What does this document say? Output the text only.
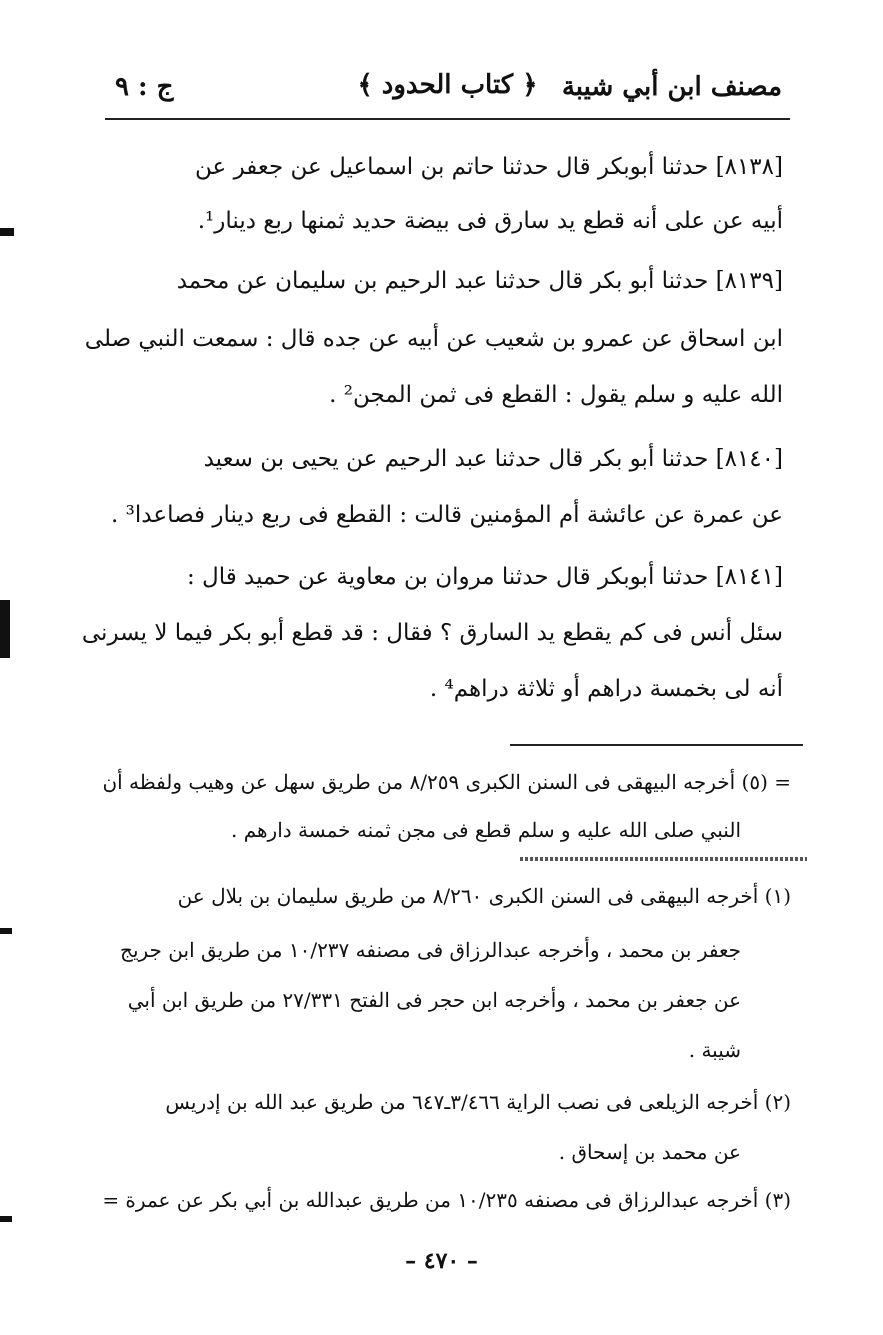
مصنف ابن أبي شيبة
﴿ كتاب الحدود ﴾
ج : ٩
[٨١٣٨] حدثنا أبوبكر قال حدثنا حاتم بن اسماعيل عن جعفر عن
أبيه عن على أنه قطع يد سارق فى بيضة حديد ثمنها ربع دينار¹.
[٨١٣٩] حدثنا أبو بكر قال حدثنا عبد الرحيم بن سليمان عن محمد
ابن اسحاق عن عمرو بن شعيب عن أبيه عن جده قال : سمعت النبي صلى
الله عليه و سلم يقول : القطع فى ثمن المجن² .
[٨١٤٠] حدثنا أبو بكر قال حدثنا عبد الرحيم عن يحيى بن سعيد
عن عمرة عن عائشة أم المؤمنين قالت : القطع فى ربع دينار فصاعدا³ .
[٨١٤١] حدثنا أبوبكر قال حدثنا مروان بن معاوية عن حميد قال :
سئل أنس فى كم يقطع يد السارق ؟ فقال : قد قطع أبو بكر فيما لا يسرنى
أنه لى بخمسة دراهم أو ثلاثة دراهم⁴ .
= (٥) أخرجه البيهقى فى السنن الكبرى ٨/٢٥٩ من طريق سهل عن وهيب ولفظه أن
النبي صلى الله عليه و سلم قطع فى مجن ثمنه خمسة دارهم .
(١) أخرجه البيهقى فى السنن الكبرى ٨/٢٦٠ من طريق سليمان بن بلال عن
جعفر بن محمد ، وأخرجه عبدالرزاق فى مصنفه ١٠/٢٣٧ من طريق ابن جريج
عن جعفر بن محمد ، وأخرجه ابن حجر فى الفتح ٢٧/٣٣١ من طريق ابن أبي
شيبة .
(٢) أخرجه الزيلعى فى نصب الراية ٣/٤٦٦ـ٦٤٧ من طريق عبد الله بن إدريس
عن محمد بن إسحاق .
(٣) أخرجه عبدالرزاق فى مصنفه ١٠/٢٣٥ من طريق عبدالله بن أبي بكر عن عمرة =
– ٤٧٠ –
